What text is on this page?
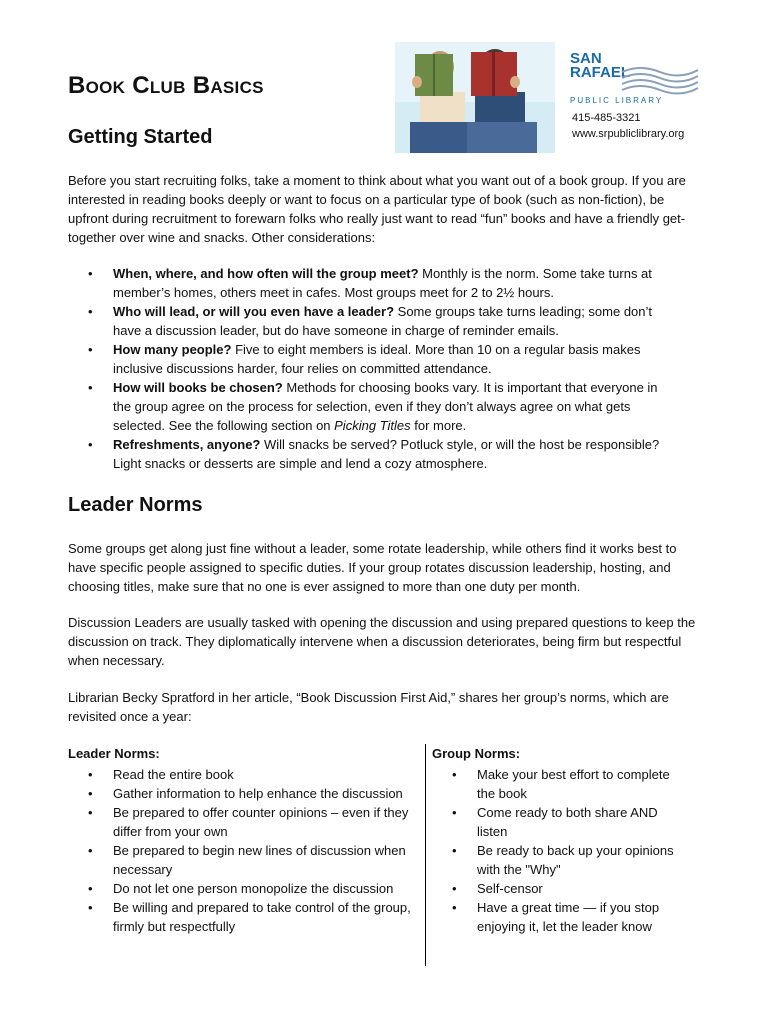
Book Club Basics
SAN
RAFAEL
PUBLIC LIBRARY
415-485-3321
www.srpubliclibrary.org
Getting Started

Before you start recruiting folks, take a moment to think about what you want out of a book group. If you are interested in reading books deeply or want to focus on a particular type of book (such as non-fiction), be upfront during recruitment to forewarn folks who really just want to read “fun” books and have a friendly get-together over wine and snacks. Other considerations:

• When, where, and how often will the group meet? Monthly is the norm. Some take turns at member’s homes, others meet in cafes. Most groups meet for 2 to 2½ hours.
• Who will lead, or will you even have a leader? Some groups take turns leading; some don’t have a discussion leader, but do have someone in charge of reminder emails.
• How many people? Five to eight members is ideal. More than 10 on a regular basis makes inclusive discussions harder, four relies on committed attendance.
• How will books be chosen? Methods for choosing books vary. It is important that everyone in the group agree on the process for selection, even if they don’t always agree on what gets selected. See the following section on Picking Titles for more.
• Refreshments, anyone? Will snacks be served? Potluck style, or will the host be responsible? Light snacks or desserts are simple and lend a cozy atmosphere.
Leader Norms

Some groups get along just fine without a leader, some rotate leadership, while others find it works best to have specific people assigned to specific duties. If your group rotates discussion leadership, hosting, and choosing titles, make sure that no one is ever assigned to more than one duty per month.

Discussion Leaders are usually tasked with opening the discussion and using prepared questions to keep the discussion on track. They diplomatically intervene when a discussion deteriorates, being firm but respectful when necessary.

Librarian Becky Spratford in her article, “Book Discussion First Aid,” shares her group’s norms, which are revisited once a year:

Leader Norms:
• Read the entire book
• Gather information to help enhance the discussion
• Be prepared to offer counter opinions – even if they differ from your own
• Be prepared to begin new lines of discussion when necessary
• Do not let one person monopolize the discussion
• Be willing and prepared to take control of the group, firmly but respectfully
Group Norms:
• Make your best effort to complete the book
• Come ready to both share AND listen
• Be ready to back up your opinions with the "Why"
• Self-censor
• Have a great time — if you stop enjoying it, let the leader know
